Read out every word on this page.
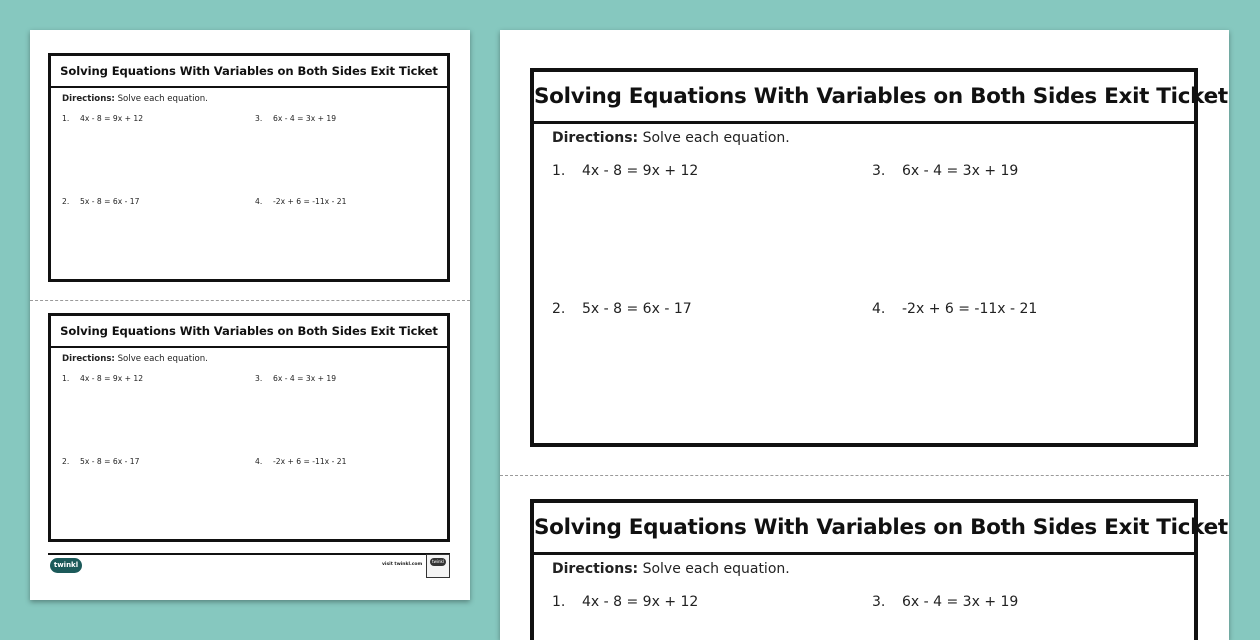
Solving Equations With Variables on Both Sides Exit Ticket
Directions: Solve each equation.
1. 4x - 8 = 9x + 12	3. 6x - 4 = 3x + 19
2. 5x - 8 = 6x - 17	4. -2x + 6 = -11x - 21
Solving Equations With Variables on Both Sides Exit Ticket
Directions: Solve each equation.
1. 4x - 8 = 9x + 12	3. 6x - 4 = 3x + 19
2. 5x - 8 = 6x - 17	4. -2x + 6 = -11x - 21
twinkl	visit twinkl.com
twinkl
Solving Equations With Variables on Both Sides Exit Ticket
Directions: Solve each equation.
1. 4x - 8 = 9x + 12	3. 6x - 4 = 3x + 19
2. 5x - 8 = 6x - 17	4. -2x + 6 = -11x - 21
Solving Equations With Variables on Both Sides Exit Ticket
Directions: Solve each equation.
1. 4x - 8 = 9x + 12	3. 6x - 4 = 3x + 19
